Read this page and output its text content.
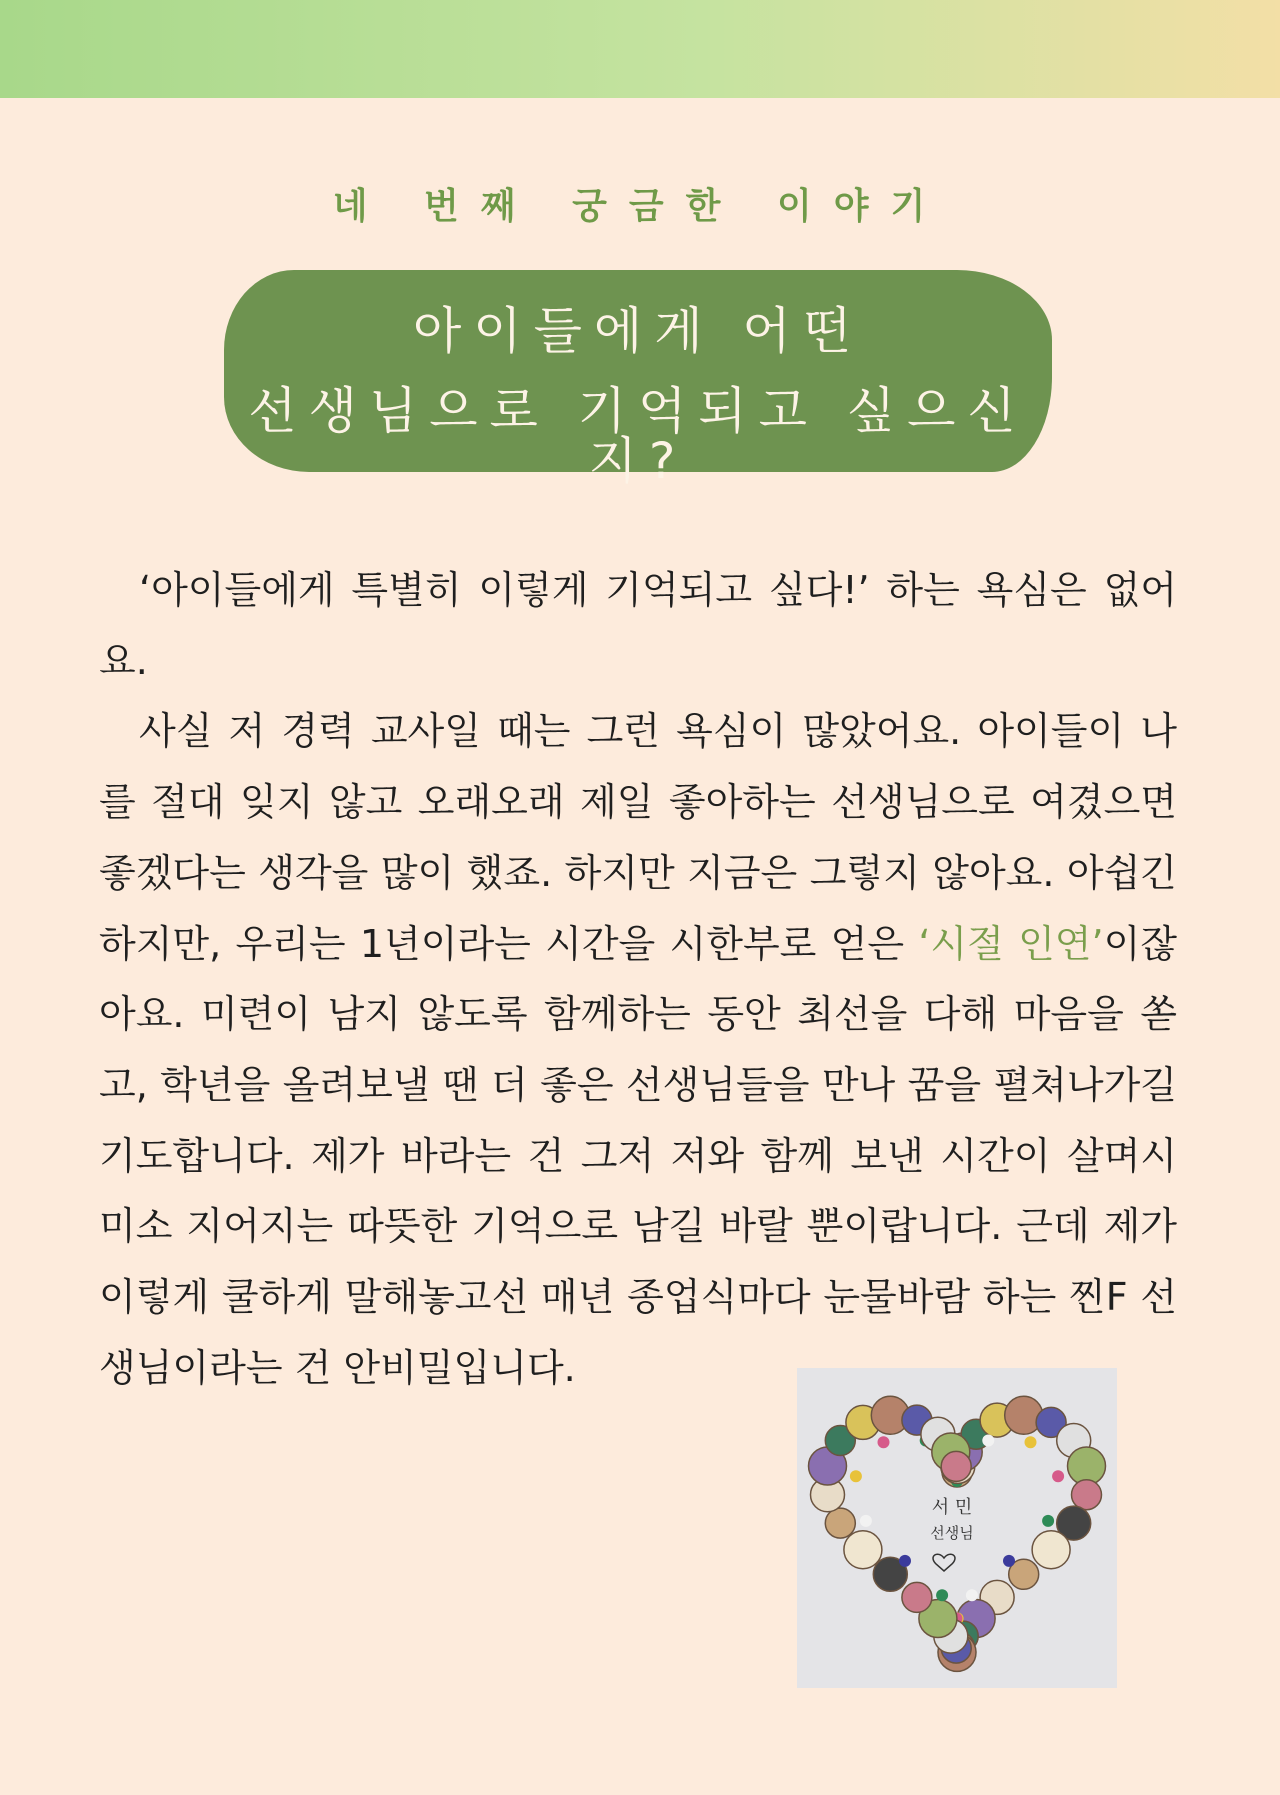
네 번째 궁금한 이야기
아이들에게 어떤
선생님으로 기억되고 싶으신지?

‘아이들에게 특별히 이렇게 기억되고 싶다!’ 하는 욕심은 없어요.

사실 저 경력 교사일 때는 그런 욕심이 많았어요. 아이들이 나를 절대 잊지 않고 오래오래 제일 좋아하는 선생님으로 여겼으면 좋겠다는 생각을 많이 했죠. 하지만 지금은 그렇지 않아요. 아쉽긴 하지만, 우리는 1년이라는 시간을 시한부로 얻은 ‘시절 인연’이잖아요. 미련이 남지 않도록 함께하는 동안 최선을 다해 마음을 쏟고, 학년을 올려보낼 땐 더 좋은 선생님들을 만나 꿈을 펼쳐나가길 기도합니다. 제가 바라는 건 그저 저와 함께 보낸 시간이 살며시 미소 지어지는 따뜻한 기억으로 남길 바랄 뿐이랍니다. 근데 제가 이렇게 쿨하게 말해놓고선 매년 종업식마다 눈물바람 하는 찐F 선생님이라는 건 안비밀입니다.

서 민
선생님
